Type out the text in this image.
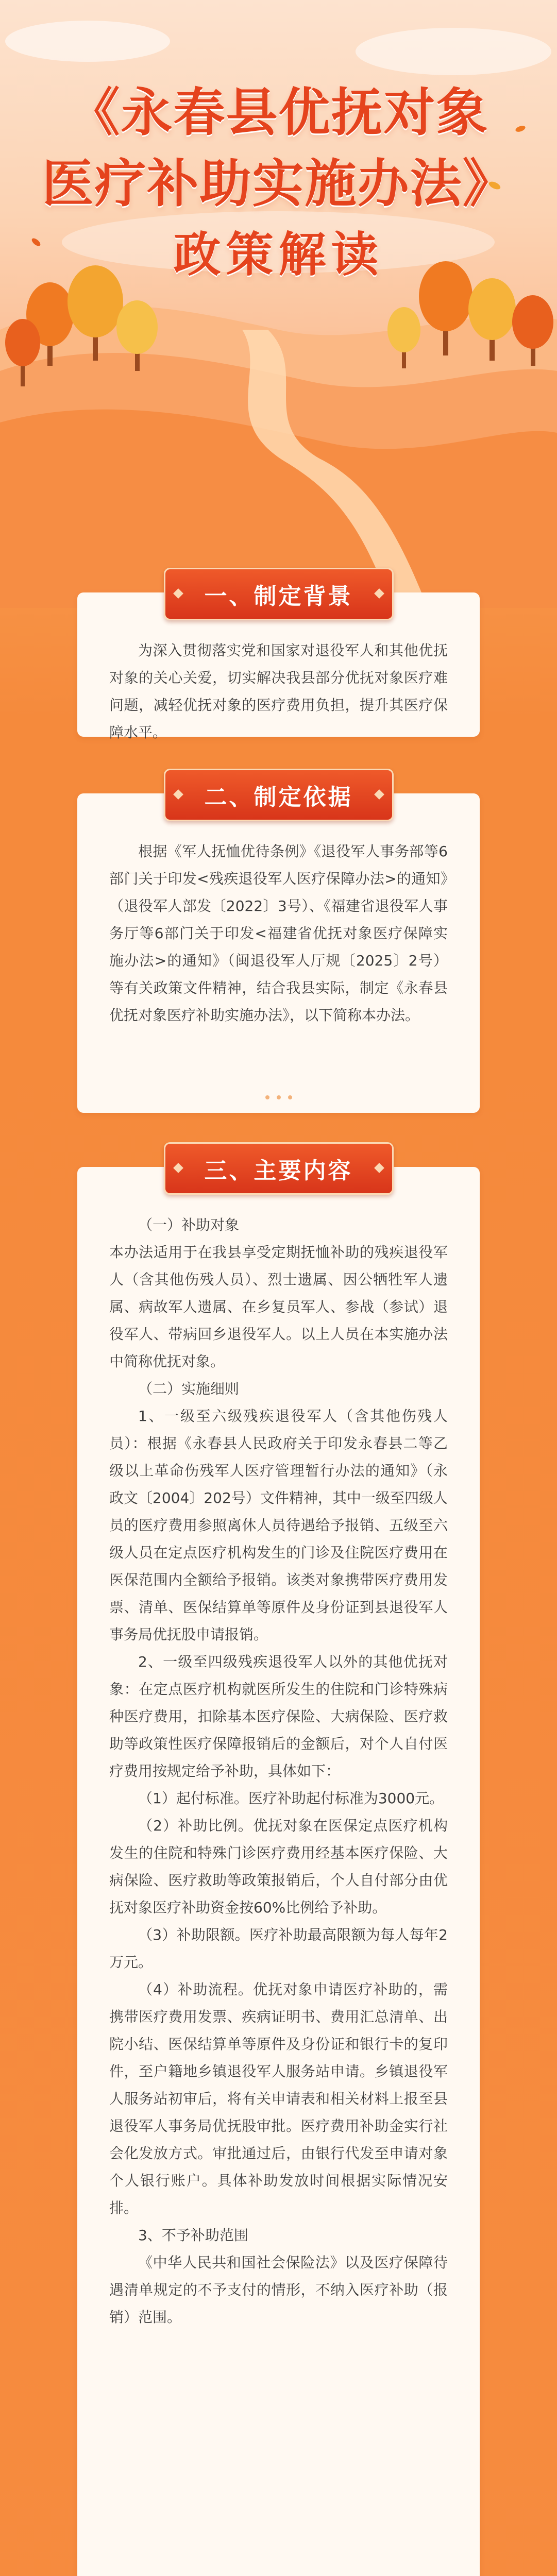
《永春县优抚对象
医疗补助实施办法》
政策解读
一、制定背景

为深入贯彻落实党和国家对退役军人和其他优抚对象的关心关爱，切实解决我县部分优抚对象医疗难问题，减轻优抚对象的医疗费用负担，提升其医疗保障水平。

二、制定依据

根据《军人抚恤优待条例》《退役军人事务部等6部门关于印发<残疾退役军人医疗保障办法>的通知》（退役军人部发〔2022〕3号）、《福建省退役军人事务厅等6部门关于印发<福建省优抚对象医疗保障实施办法>的通知》（闽退役军人厅规〔2025〕2号）等有关政策文件精神，结合我县实际，制定《永春县优抚对象医疗补助实施办法》，以下简称本办法。

三、主要内容

（一）补助对象

本办法适用于在我县享受定期抚恤补助的残疾退役军人（含其他伤残人员）、烈士遗属、因公牺牲军人遗属、病故军人遗属、在乡复员军人、参战（参试）退役军人、带病回乡退役军人。以上人员在本实施办法中简称优抚对象。

（二）实施细则

1、一级至六级残疾退役军人（含其他伤残人员）：根据《永春县人民政府关于印发永春县二等乙级以上革命伤残军人医疗管理暂行办法的通知》（永政文〔2004〕202号）文件精神，其中一级至四级人员的医疗费用参照离休人员待遇给予报销、五级至六级人员在定点医疗机构发生的门诊及住院医疗费用在医保范围内全额给予报销。该类对象携带医疗费用发票、清单、医保结算单等原件及身份证到县退役军人事务局优抚股申请报销。

2、一级至四级残疾退役军人以外的其他优抚对象：在定点医疗机构就医所发生的住院和门诊特殊病种医疗费用，扣除基本医疗保险、大病保险、医疗救助等政策性医疗保障报销后的金额后，对个人自付医疗费用按规定给予补助，具体如下：

（1）起付标准。医疗补助起付标准为3000元。

（2）补助比例。优抚对象在医保定点医疗机构发生的住院和特殊门诊医疗费用经基本医疗保险、大病保险、医疗救助等政策报销后，个人自付部分由优抚对象医疗补助资金按60%比例给予补助。

（3）补助限额。医疗补助最高限额为每人每年2万元。

（4）补助流程。优抚对象申请医疗补助的，需携带医疗费用发票、疾病证明书、费用汇总清单、出院小结、医保结算单等原件及身份证和银行卡的复印件，至户籍地乡镇退役军人服务站申请。乡镇退役军人服务站初审后，将有关申请表和相关材料上报至县退役军人事务局优抚股审批。医疗费用补助金实行社会化发放方式。审批通过后，由银行代发至申请对象个人银行账户。具体补助发放时间根据实际情况安排。

3、不予补助范围

《中华人民共和国社会保险法》以及医疗保障待遇清单规定的不予支付的情形，不纳入医疗补助（报销）范围。
